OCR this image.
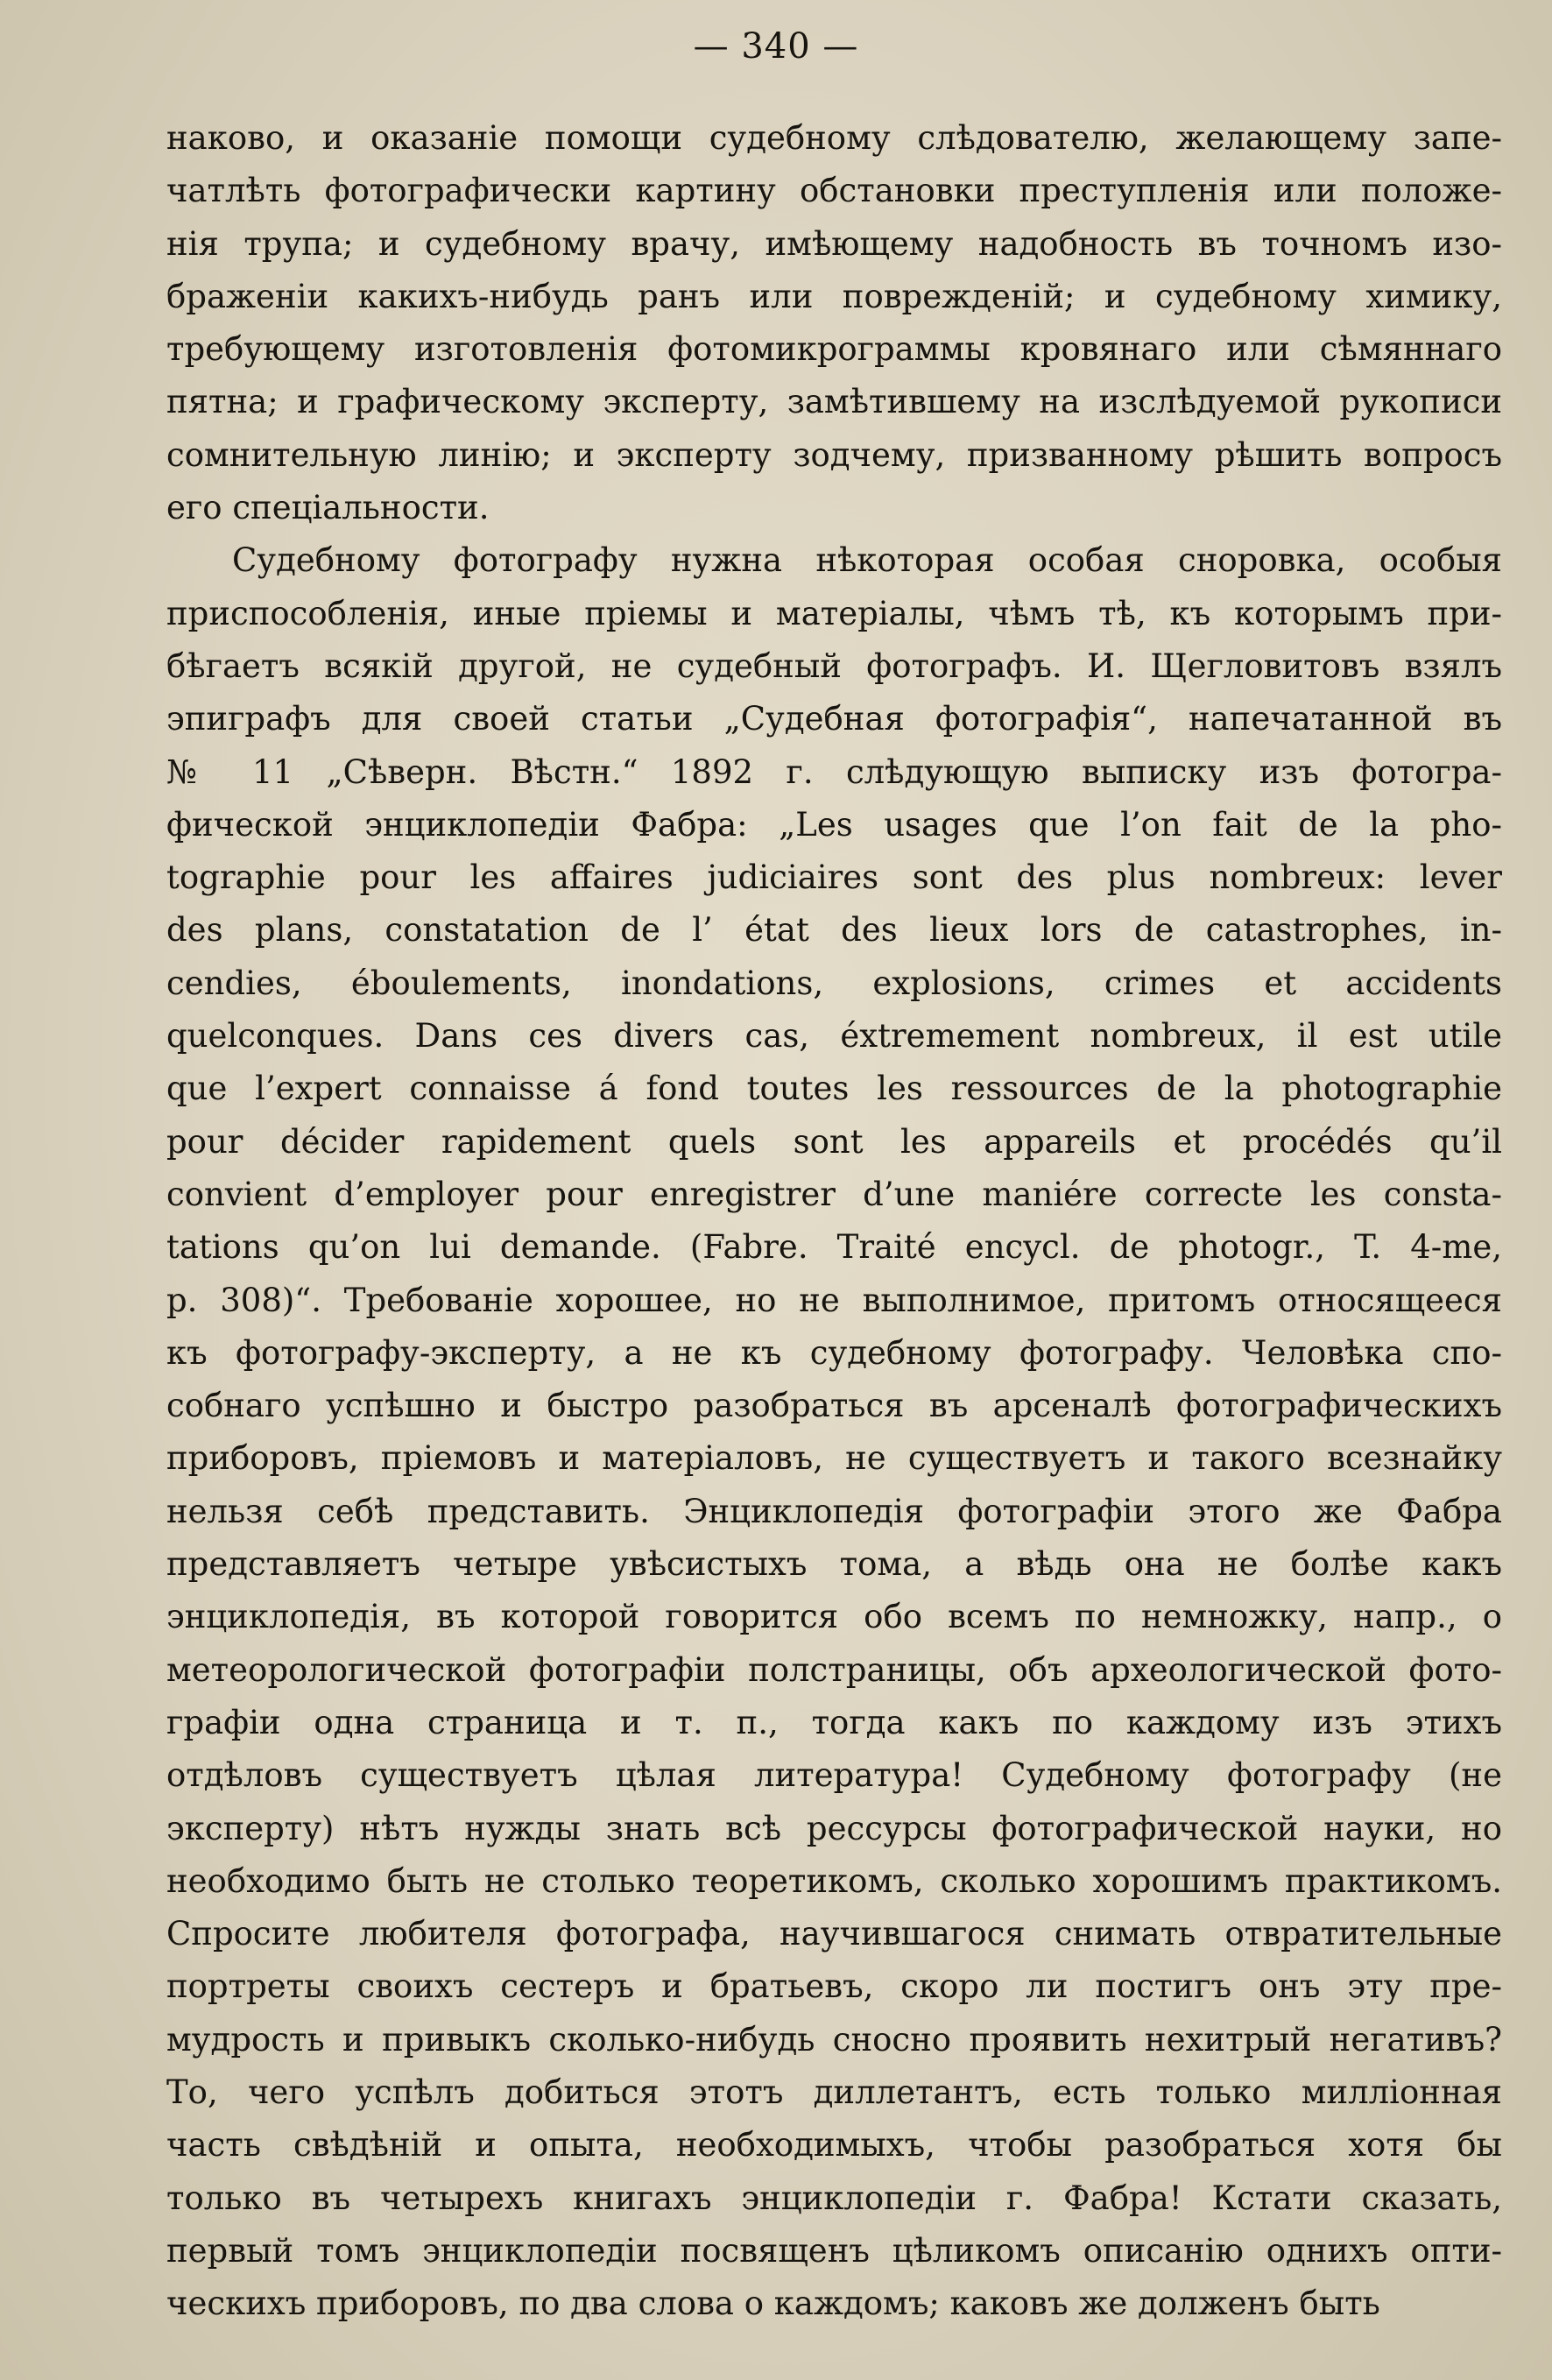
— 340 —
наково, и оказаніе помощи судебному слѣдователю, желающему запе-
чатлѣть фотографически картину обстановки преступленія или положе-
нія трупа; и судебному врачу, имѣющему надобность въ точномъ изо-
браженіи какихъ-нибудь ранъ или поврежденій; и судебному химику,
требующему изготовленія фотомикрограммы кровянаго или сѣмяннаго
пятна; и графическому эксперту, замѣтившему на изслѣдуемой рукописи
сомнительную линію; и эксперту зодчему, призванному рѣшить вопросъ
его спеціальности.
Судебному фотографу нужна нѣкоторая особая сноровка, особыя
приспособленія, иные пріемы и матеріалы, чѣмъ тѣ, къ которымъ при-
бѣгаетъ всякій другой, не судебный фотографъ. И. Щегловитовъ взялъ
эпиграфъ для своей статьи „Судебная фотографія“, напечатанной въ
№ 11 „Сѣверн. Вѣстн.“ 1892 г. слѣдующую выписку изъ фотогра-
фической энциклопедіи Фабра: „Les usages que l’on fait de la pho-
tographie pour les affaires judiciaires sont des plus nombreux: lever
des plans, constatation de l’ état des lieux lors de catastrophes, in-
cendies, éboulements, inondations, explosions, crimes et accidents
quelconques. Dans ces divers cas, éxtremement nombreux, il est utile
que l’expert connaisse á fond toutes les ressources de la photographie
pour décider rapidement quels sont les appareils et procédés qu’il
convient d’employer pour enregistrer d’une maniére correcte les consta-
tations qu’on lui demande. (Fabre. Traité encycl. de photogr., T. 4-me,
p. 308)“. Требованіе хорошее, но не выполнимое, притомъ относящееся
къ фотографу-эксперту, а не къ судебному фотографу. Человѣка спо-
собнаго успѣшно и быстро разобраться въ арсеналѣ фотографическихъ
приборовъ, пріемовъ и матеріаловъ, не существуетъ и такого всезнайку
нельзя себѣ представить. Энциклопедія фотографіи этого же Фабра
представляетъ четыре увѣсистыхъ тома, а вѣдь она не болѣе какъ
энциклопедія, въ которой говорится обо всемъ по немножку, напр., о
метеорологической фотографіи полстраницы, объ археологической фото-
графіи одна страница и т. п., тогда какъ по каждому изъ этихъ
отдѣловъ существуетъ цѣлая литература! Судебному фотографу (не
эксперту) нѣтъ нужды знать всѣ рессурсы фотографической науки, но
необходимо быть не столько теоретикомъ, сколько хорошимъ практикомъ.
Спросите любителя фотографа, научившагося снимать отвратительные
портреты своихъ сестеръ и братьевъ, скоро ли постигъ онъ эту пре-
мудрость и привыкъ сколько-нибудь сносно проявить нехитрый негативъ?
То, чего успѣлъ добиться этотъ диллетантъ, есть только милліонная
часть свѣдѣній и опыта, необходимыхъ, чтобы разобраться хотя бы
только въ четырехъ книгахъ энциклопедіи г. Фабра! Кстати сказать,
первый томъ энциклопедіи посвященъ цѣликомъ описанію однихъ опти-
ческихъ приборовъ, по два слова о каждомъ; каковъ же долженъ быть
